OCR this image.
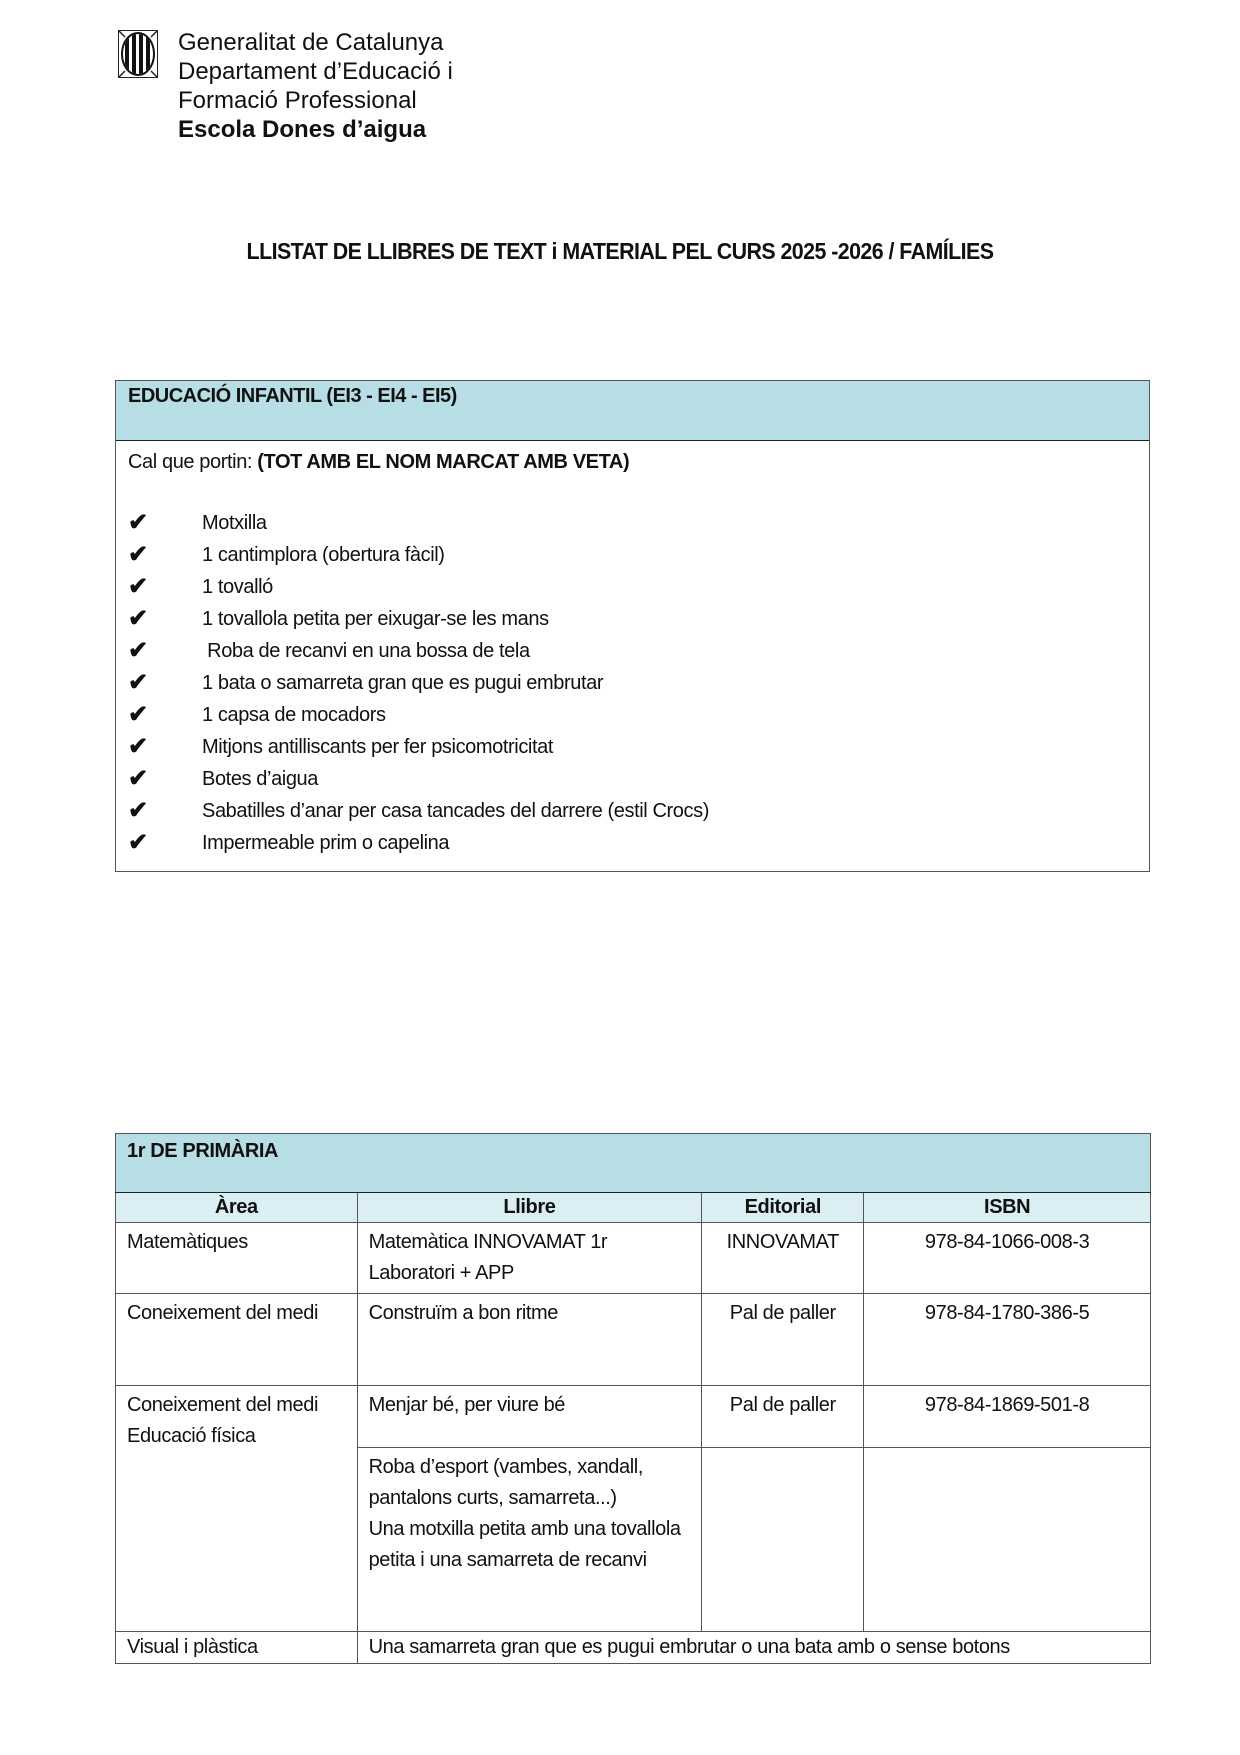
Generalitat de Catalunya
Departament d’Educació i
Formació Professional
Escola Dones d’aigua
LLISTAT DE LLIBRES DE TEXT i MATERIAL PEL CURS 2025 -2026 / FAMÍLIES
EDUCACIÓ INFANTIL (EI3 - EI4 - EI5)
Cal que portin: (TOT AMB EL NOM MARCAT AMB VETA)
✔	Motxilla
✔	1 cantimplora (obertura fàcil)
✔	1 tovalló
✔	1 tovallola petita per eixugar-se les mans
✔	Roba de recanvi en una bossa de tela
✔	1 bata o samarreta gran que es pugui embrutar
✔	1 capsa de mocadors
✔	Mitjons antilliscants per fer psicomotricitat
✔	Botes d’aigua
✔	Sabatilles d’anar per casa tancades del darrere (estil Crocs)
✔	Impermeable prim o capelina
1r DE PRIMÀRIA			
Àrea	Llibre	Editorial	ISBN
Matemàtiques	Matemàtica INNOVAMAT 1r Laboratori + APP	INNOVAMAT	978-84-1066-008-3
Coneixement del medi	Construïm a bon ritme	Pal de paller	978-84-1780-386-5

Coneixement del medi
Educació física	Menjar bé, per viure bé	Pal de paller	978-84-1869-501-8

	Roba d’esport (vambes, xandall, pantalons curts, samarreta...)
Una motxilla petita amb una tovallola petita i una samarreta de recanvi		

Visual i plàstica	Una samarreta gran que es pugui embrutar o una bata amb o sense botons		
